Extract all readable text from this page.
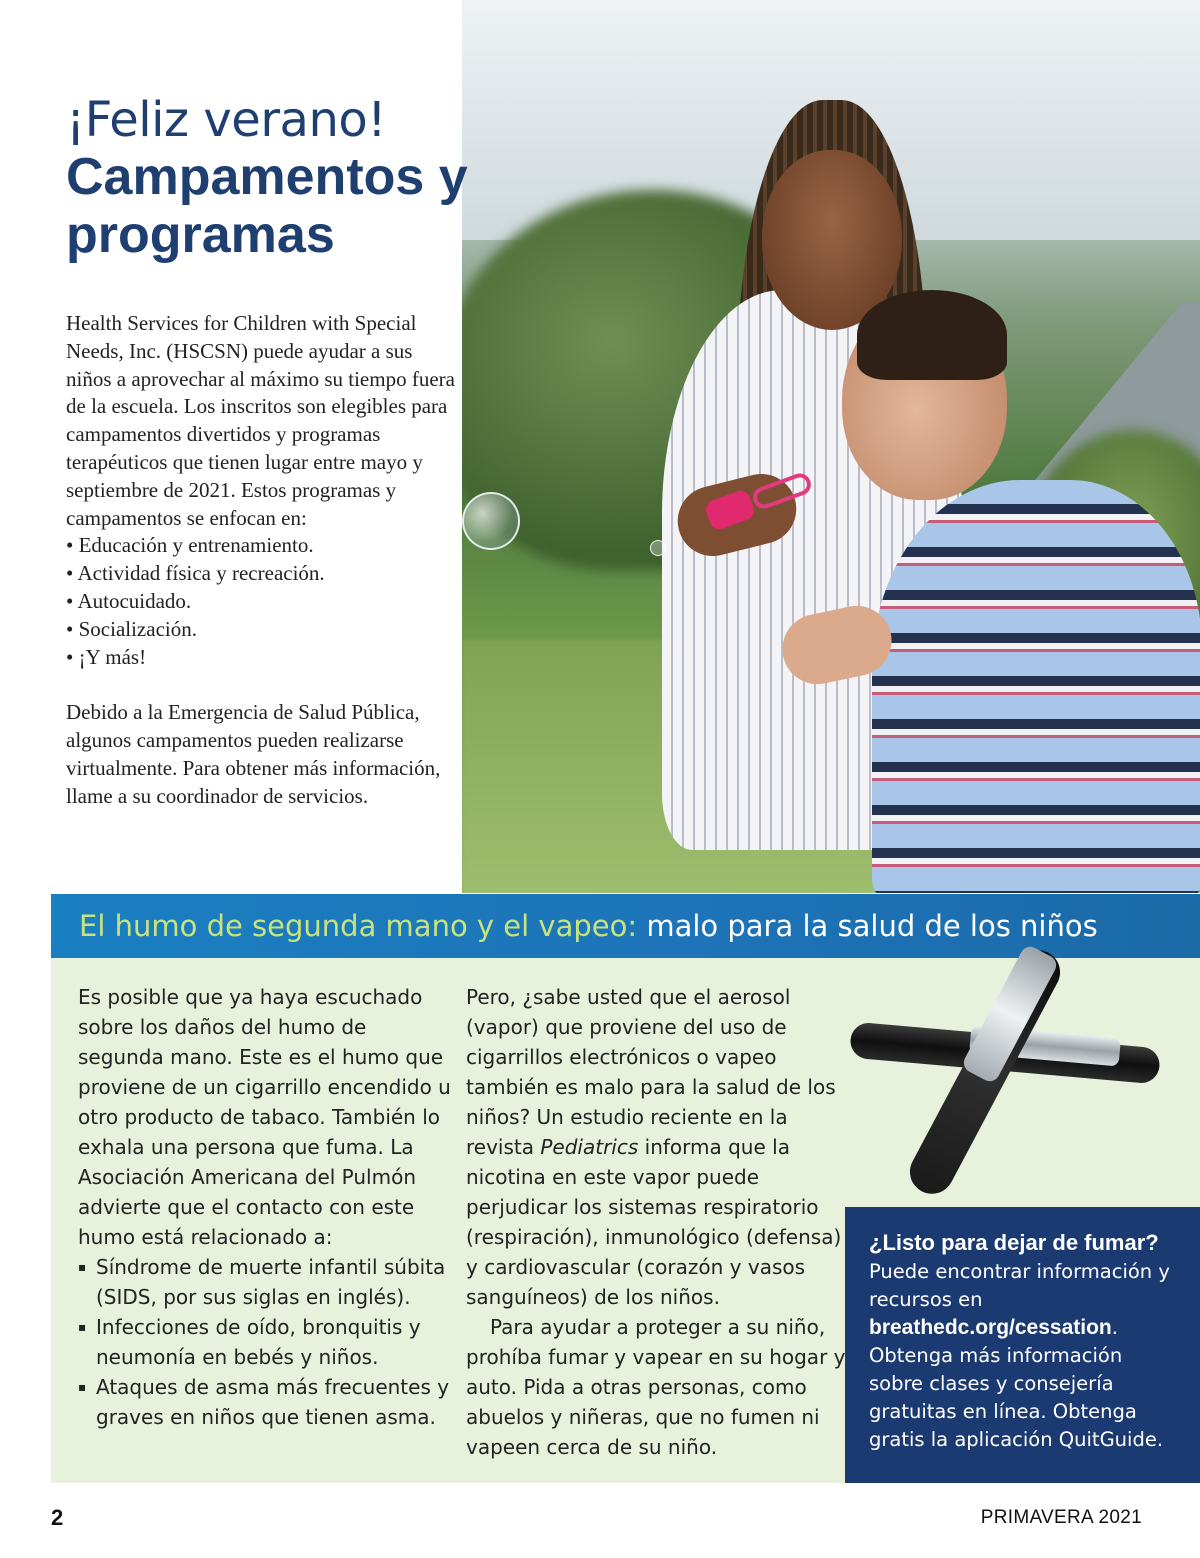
¡Feliz verano!
Campamentos y
programas

Health Services for Children with Special Needs, Inc. (HSCSN) puede ayudar a sus niños a aprovechar al máximo su tiempo fuera de la escuela. Los inscritos son elegibles para campamentos divertidos y programas terapéuticos que tienen lugar entre mayo y septiembre de 2021. Estos programas y campamentos se enfocan en:

• Educación y entrenamiento.
• Actividad física y recreación.
• Autocuidado.
• Socialización.
• ¡Y más!

Debido a la Emergencia de Salud Pública, algunos campamentos pueden realizarse virtualmente. Para obtener más información, llame a su coordinador de servicios.

El humo de segunda mano y el vapeo: malo para la salud de los niños

Es posible que ya haya escuchado sobre los daños del humo de segunda mano. Este es el humo que proviene de un cigarrillo encendido u otro producto de tabaco. También lo exhala una persona que fuma. La Asociación Americana del Pulmón advierte que el contacto con este humo está relacionado a:

▪ Síndrome de muerte infantil súbita (SIDS, por sus siglas en inglés).
▪ Infecciones de oído, bronquitis y neumonía en bebés y niños.
▪ Ataques de asma más frecuentes y graves en niños que tienen asma.

Pero, ¿sabe usted que el aerosol (vapor) que proviene del uso de cigarrillos electrónicos o vapeo también es malo para la salud de los niños? Un estudio reciente en la revista Pediatrics informa que la nicotina en este vapor puede perjudicar los sistemas respiratorio (respiración), inmunológico (defensa) y cardiovascular (corazón y vasos sanguíneos) de los niños.

Para ayudar a proteger a su niño, prohíba fumar y vapear en su hogar y auto. Pida a otras personas, como abuelos y niñeras, que no fumen ni vapeen cerca de su niño.

¿Listo para dejar de fumar? Puede encontrar información y recursos en breathedc.org/cessation. Obtenga más información sobre clases y consejería gratuitas en línea. Obtenga gratis la aplicación QuitGuide.
2	PRIMAVERA 2021
